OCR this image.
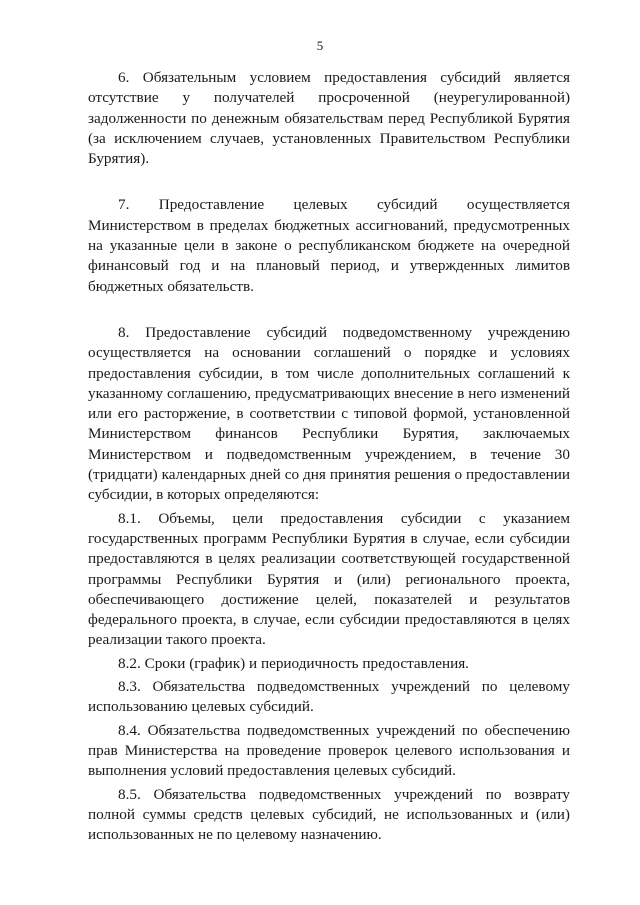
5

6. Обязательным условием предоставления субсидий является отсутствие у получателей просроченной (неурегулированной) задолженности по денежным обязательствам перед Республикой Бурятия (за исключением случаев, установленных Правительством Республики Бурятия).

7. Предоставление целевых субсидий осуществляется Министерством в пределах бюджетных ассигнований, предусмотренных на указанные цели в законе о республиканском бюджете на очередной финансовый год и на плановый период, и утвержденных лимитов бюджетных обязательств.

8. Предоставление субсидий подведомственному учреждению осуществляется на основании соглашений о порядке и условиях предоставления субсидии, в том числе дополнительных соглашений к указанному соглашению, предусматривающих внесение в него изменений или его расторжение, в соответствии с типовой формой, установленной Министерством финансов Республики Бурятия, заключаемых Министерством и подведомственным учреждением, в течение 30 (тридцати) календарных дней со дня принятия решения о предоставлении субсидии, в которых определяются:

8.1. Объемы, цели предоставления субсидии с указанием государственных программ Республики Бурятия в случае, если субсидии предоставляются в целях реализации соответствующей государственной программы Республики Бурятия и (или) регионального проекта, обеспечивающего достижение целей, показателей и результатов федерального проекта, в случае, если субсидии предоставляются в целях реализации такого проекта.

8.2. Сроки (график) и периодичность предоставления.

8.3. Обязательства подведомственных учреждений по целевому использованию целевых субсидий.

8.4. Обязательства подведомственных учреждений по обеспечению прав Министерства на проведение проверок целевого использования и выполнения условий предоставления целевых субсидий.

8.5. Обязательства подведомственных учреждений по возврату полной суммы средств целевых субсидий, не использованных и (или) использованных не по целевому назначению.
